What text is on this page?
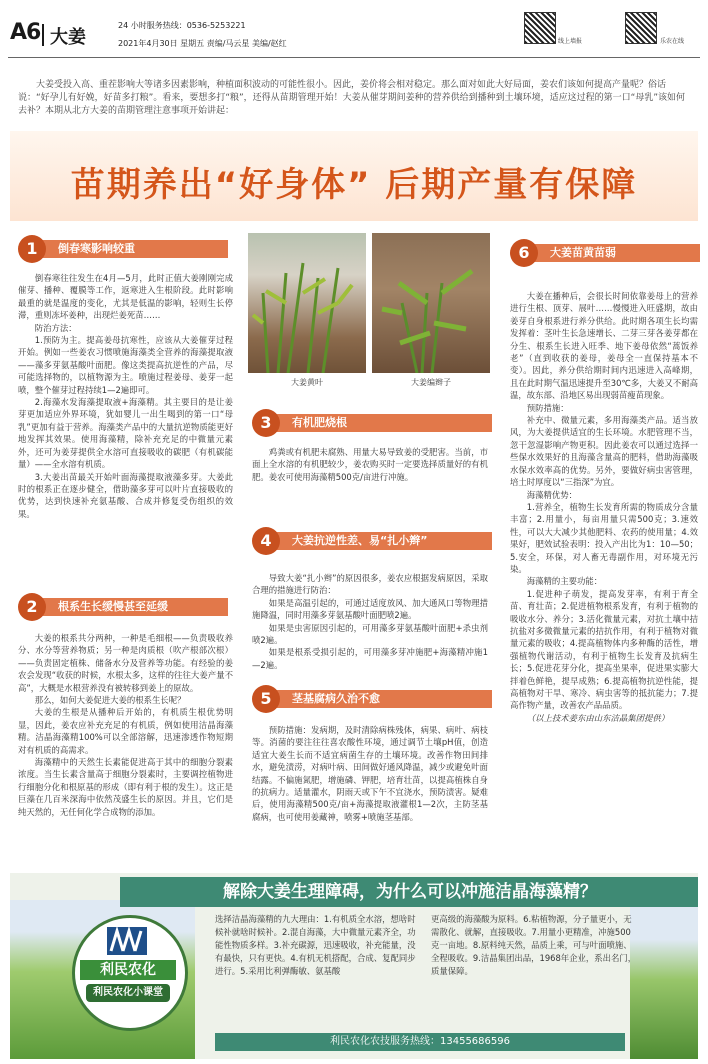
A6 大姜
24 小时服务热线：0536-5253221
2021年4月30日 星期五 责编/马云星 美编/赵红	线上墙报	乐农在线
大姜受投入高、重茬影响大等诸多因素影响，种植面积波动的可能性很小。因此，姜价将会相对稳定。那么面对如此大好局面，姜农们该如何提高产量呢？俗话说：“好孕儿有好娩，好苗多打粮”。看来，要想多打“粮”，还得从苗期管理开始！大姜从催芽期间姜种的营养供给到播种到土壤环境，适应这过程的第一口“母乳”该如何去补？本期从北方大姜的苗期管理注意事项开始讲起：
苗期养出“好身体” 后期产量有保障
倒春寒影响较重
1

倒春寒往往发生在4月—5月，此时正值大姜刚刚完成催芽、播种、覆膜等工作，返寒进入生根阶段。此时影响最重的就是温度的变化，尤其是低温的影响，轻则生长停滞，重则冻坏姜种，出现烂姜死苗……

防治方法：

1.预防为主。提高姜母抗寒性，应该从大姜催芽过程开始。例如一些姜农习惯喷施海藻类全营养的海藻提取液——藻多芽氨基酸叶面肥。像这类提高抗逆性的产品，尽可能选择物的，以植物源为主。喷施过程姜母、姜芽一起喷，整个催芽过程持续1—2遍即可。

2.海藻水发海藻提取液+海藻精。其主要目的是让姜芽更加适应外界环境，犹如婴儿一出生喝到的第一口“母乳”更加有益于营养。海藻类产品中的大量抗逆物质能更好地发挥其效果。使用海藻精，除补充充足的中微量元素外，还可为姜芽提供全水溶可直接吸收的碳肥（有机碳能量）——全水溶有机质。

3.大姜出苗最关开始叶面海藻提取液藻多芽。大姜此时的根系正在逐步健全，借助藻多芽可以叶片直接吸收的优势，达到快速补充氨基酸、合成并修复受伤组织的效果。

根系生长缓慢甚至延缓
2

大姜的根系共分两种，一种是毛细根——负责吸收养分、水分等营养物质；另一种是肉质根（吹产根部次根）——负责固定植株、储备水分及营养等功能。有经验的姜农会发现“收获的时候，水根太多，这样的往往大姜产量不高”，大概是水根营养没有被转移到姜上的原故。

那么，如何大姜促进大姜的根系生长呢？

大姜的生根是从播种后开始的，有机质生根优势明显，因此，姜农应补充充足的有机质，例如使用洁晶海藻精。洁晶海藻精100%可以全部溶解，迅速渗透作物短期对有机质的高需求。

海藻精中的天然生长素能促进高于其中的细胞分裂素浓度。当生长素含量高于细胞分裂素时，主要调控植物进行细胞分化和根原基的形成（即有利于根的发生）。这正是巨藻在几百米深海中依然茂盛生长的原因。并且，它们是纯天然的，无任何化学合成物的添加。

大姜黄叶	大姜编辫子
有机肥烧根
3

鸡粪或有机肥未腐熟、用量大易导致姜的受肥害。当前，市面上全水溶的有机肥较少，姜农购买时一定要选择质量好的有机肥。姜农可使用海藻精500克/亩进行冲施。

大姜抗逆性差、易“扎小辫”
4

导致大姜“扎小辫”的原因很多，姜农应根据发病原因，采取合理的措施进行防治：

如果是高温引起的，可通过适度放风、加大通风口等物理措施降温，同时用藻多芽氨基酸叶面肥喷2遍。

如果是虫害原因引起的，可用藻多芽氨基酸叶面肥+杀虫剂喷2遍。

如果是根系受损引起的，可用藻多芽冲施肥+海藻精冲施1—2遍。

茎基腐病久治不愈
5

预防措施：发病期，及时清除病株残体，病果、病叶、病枝等。消菌的要注往往喜农酸性环境，通过调节土壤pH值，创造适宜大姜生长而不适宜病菌生存的土壤环境。改善作物田间排水，避免渍涝，对病叶病、田间做好通风降温，减少或避免叶面结露。不偏施氮肥，增施磷、钾肥，培育壮苗，以提高植株自身的抗病力。适量灌水，阴雨天或下午不宜浇水，预防渍害。疑难后，使用海藻精500克/亩+海藻提取液灌根1—2次，主防茎基腐病，也可使用姜藏神，喷雾+喷施茎基部。

大姜苗黄苗弱
6

大姜在播种后，会很长时间依靠姜母上的营养进行生根、顶芽、展叶……慢慢进入旺盛期，故由姜芽自身根系进行养分供给。此时期各项生长均需发挥着：茎叶生长急速增长、二芽三芽各姜芽都在分生、根系生长进入旺季、地下姜母依然“蒿饭养老”（直到收获的姜母，姜母全一直保持基本不变）。因此，养分供给期时间内迅速进入高峰期，且在此时期气温迅速提升至30℃多，大姜又不耐高温，故东部、沿地区易出现弱苗瘦苗现象。

预防措施：

补充中、微量元素，多用海藻类产品。适当放风，为大姜提供适宜的生长环境。水肥管理不当，忽干忽湿影响产物更积。因此姜农可以通过选择一些保水效果好的且海藻含量高的肥料，借助海藻吸水保水效率高的优势。另外，要做好病虫害管理，培土时厚度以“三指深”为宜。

海藻精优势：

1.营养全，植物生长发育所需的物质成分含量丰富；2.用量小，每亩用量只需500克；3.速效性，可以大大减少其他肥料、农药的使用量；4.效果好，肥效试验表明：投入产出比为1：10—50；5.安全，环保，对人畜无毒副作用，对环境无污染。

海藻精的主要功能：

1.促进种子萌发，提高发芽率，有利于育全苗、育壮苗；2.促进植物根系发育，有利于植物的吸收水分、养分；3.活化微量元素，对抗土壤中拮抗盐对多微微量元素的拮抗作用，有利于植物对微量元素的吸收；4.提高植物体内多种酶的活性，增强植物代谢活动，有利于植物生长发育及抗病生长；5.促进花芽分化，提高坐果率，促进果实膨大拌着色鲜艳，提早成熟；6.提高植物抗逆性能，提高植物对干旱、寒冷、病虫害等的抵抗能力；7.提高作物产量，改善农产品品质。

（以上技术姜东由山东洁晶集团提供）

解除大姜生理障碍，为什么可以冲施洁晶海藻精？
利民农化
利民农化小课堂
选择洁晶海藻精的九大理由：1.有机质全水溶，想啥时候补就啥时候补。2.混自海藻，大中微量元素齐全，功能性物质多样。3.补充碳源，迅速吸收，补充能量，没有最快，只有更快。4.有机无机搭配，合成、复配同步进行。5.采用比利弹酶敏、氨基酸
更高级的海藻酸为原料。6.粘植物源，分子量更小，无需散化、就解，直接吸收。7.用量小更精准，冲施500克一亩地。8.原料纯天然，品质上乘，可与叶面喷施、全程吸收。9.洁晶集团出品，1968年企业，系出名门，质量保障。
利民农化农技服务热线：13455686596
